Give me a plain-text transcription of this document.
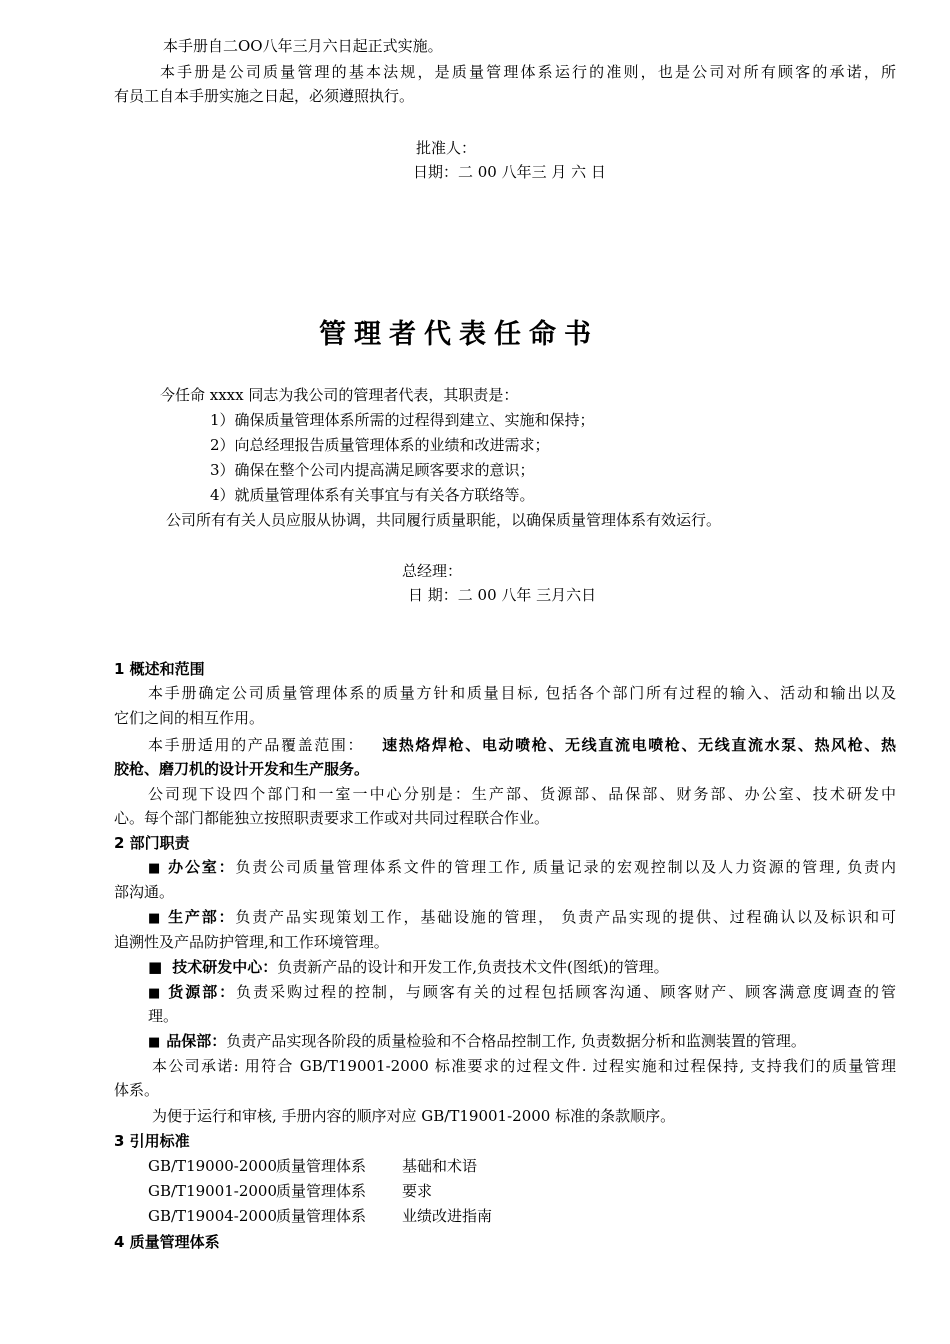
本手册自二OO八年三月六日起正式实施。
本手册是公司质量管理的基本法规，是质量管理体系运行的准则，也是公司对所有顾客的承诺，所
有员工自本手册实施之日起，必须遵照执行。
批准人：
日期：二 00 八年三 月 六 日
管理者代表任命书
今任命 xxxx 同志为我公司的管理者代表，其职责是：
1）确保质量管理体系所需的过程得到建立、实施和保持；
2）向总经理报告质量管理体系的业绩和改进需求；
3）确保在整个公司内提高满足顾客要求的意识；
4）就质量管理体系有关事宜与有关各方联络等。
公司所有有关人员应服从协调，共同履行质量职能，以确保质量管理体系有效运行。
总经理：
日 期：二 00 八年 三月六日
1 概述和范围
本手册确定公司质量管理体系的质量方针和质量目标, 包括各个部门所有过程的输入、活动和输出以及
它们之间的相互作用。
本手册适用的产品覆盖范围： 速热烙焊枪、电动喷枪、无线直流电喷枪、无线直流水泵、热风枪、热
胶枪、磨刀机的设计开发和生产服务。
公司现下设四个部门和一室一中心分别是：生产部、货源部、品保部、财务部、办公室、技术研发中
心。每个部门都能独立按照职责要求工作或对共同过程联合作业。
2 部门职责
■ 办公室：负责公司质量管理体系文件的管理工作, 质量记录的宏观控制以及人力资源的管理, 负责内
部沟通。
■ 生产部：负责产品实现策划工作，基础设施的管理， 负责产品实现的提供、过程确认以及标识和可
追溯性及产品防护管理,和工作环境管理。
■ 技术研发中心：负责新产品的设计和开发工作,负责技术文件(图纸)的管理。
■ 货源部：负责采购过程的控制，与顾客有关的过程包括顾客沟通、顾客财产、顾客满意度调查的管
理。
■ 品保部：负责产品实现各阶段的质量检验和不合格品控制工作, 负责数据分析和监测装置的管理。
本公司承诺: 用符合 GB/T19001-2000 标准要求的过程文件. 过程实施和过程保持, 支持我们的质量管理
体系。
为便于运行和审核, 手册内容的顺序对应 GB/T19001-2000 标准的条款顺序。
3 引用标准
GB/T19000-2000质量管理体系 基础和术语
GB/T19001-2000质量管理体系 要求
GB/T19004-2000质量管理体系 业绩改进指南
4 质量管理体系
